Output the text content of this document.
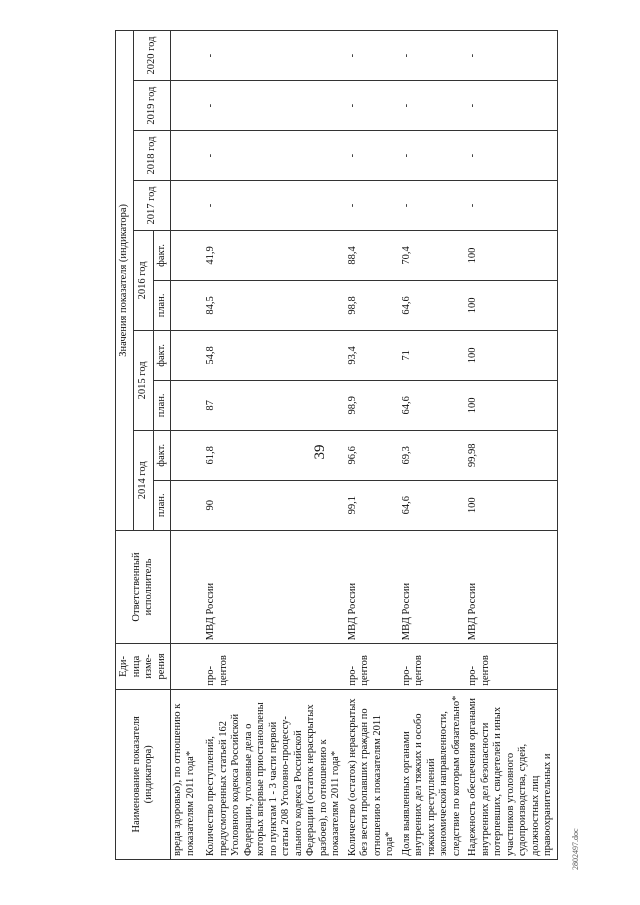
39
Наименование показателя (индикатора)	Еди-ница изме-рения	Ответственный исполнитель	Значения показателя (индикатора)									
			2014 год		2015 год		2016 год		2017 год	2018 год	2019 год	2020 год
			план.	факт.	план.	факт.	план.	факт.				
вреда здоровью), по отношению к показателям 2011 года*												
Количество преступлений, предусмотренных статьей 162 Уголовного кодекса Российской Федерации, уголовные дела о которых впервые приостановлены по пунктам 1 - 3 части первой статьи 208 Уголовно-процессу-ального кодекса Российской Федерации (остаток нераскрытых разбоев), по отношению к показателям 2011 года*	про-центов	МВД России	90	61,8	87	54,8	84,5	41,9	-	-	-	-
Количество (остаток) нераскрытых без вести пропавших граждан по отношению к показателям 2011 года*	про-центов	МВД России	99,1	96,6	98,9	93,4	98,8	88,4	-	-	-	-
Доля выявленных органами внутренних дел тяжких и особо тяжких преступлений экономической направленности, следствие по которым обязательно*	про-центов	МВД России	64,6	69,3	64,6	71	64,6	70,4	-	-	-	-
Надежность обеспечения органами внутренних дел безопасности потерпевших, свидетелей и иных участников уголовного судопроизводства, судей, должностных лиц правоохранительных и	про-центов	МВД России	100	99,98	100	100	100	100	-	-	-	-
2802497.doc
